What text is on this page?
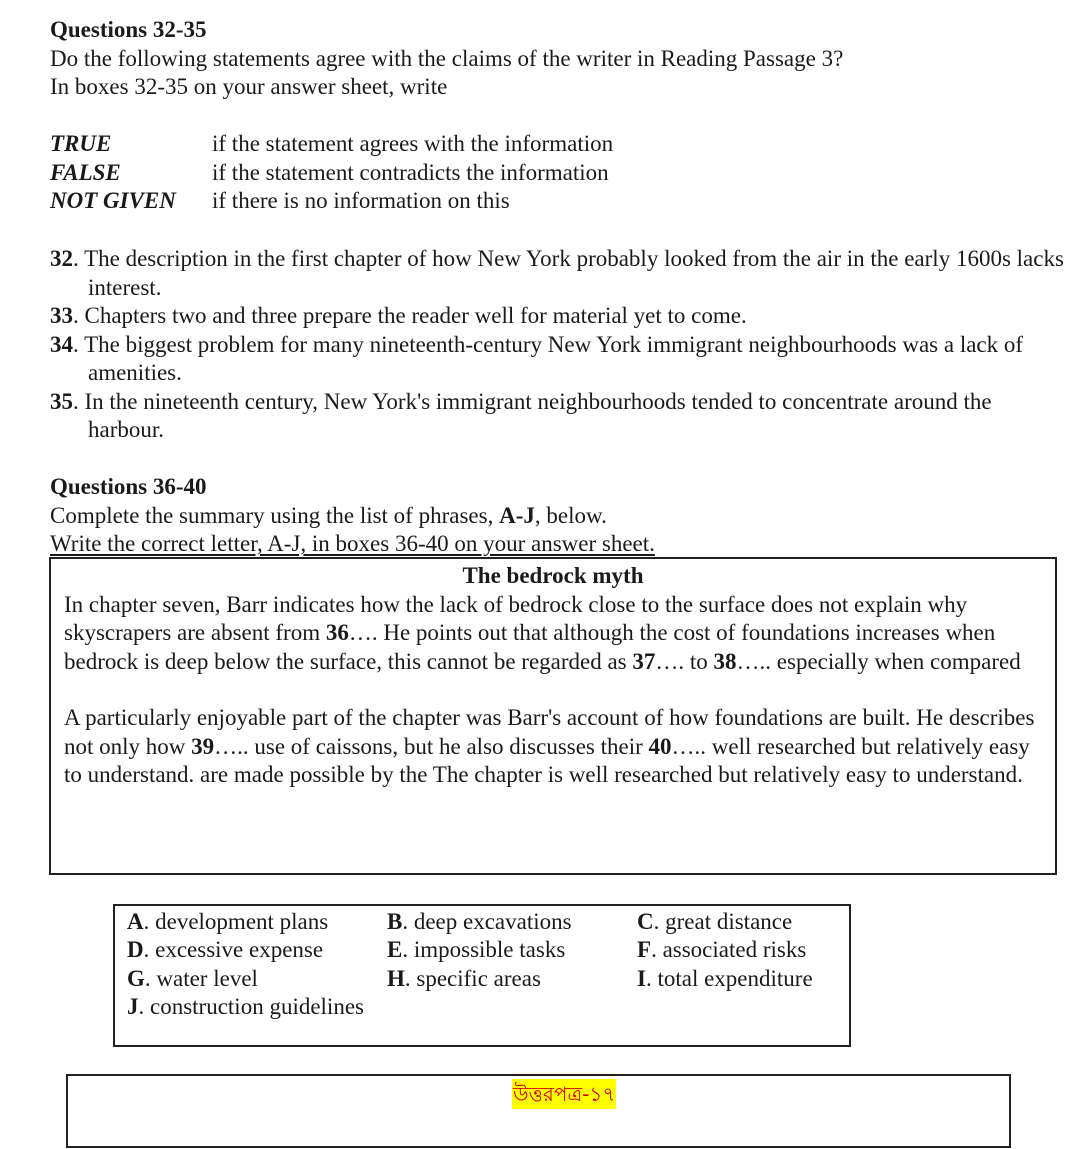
Questions 32-35
Do the following statements agree with the claims of the writer in Reading Passage 3?
In boxes 32-35 on your answer sheet, write
TRUE	if the statement agrees with the information
FALSE	if the statement contradicts the information
NOT GIVEN	if there is no information on this
32. The description in the first chapter of how New York probably looked from the air in the early 1600s lacks interest.
33. Chapters two and three prepare the reader well for material yet to come.
34. The biggest problem for many nineteenth-century New York immigrant neighbourhoods was a lack of amenities.
35. In the nineteenth century, New York's immigrant neighbourhoods tended to concentrate around the harbour.
Questions 36-40
Complete the summary using the list of phrases, A-J, below.
Write the correct letter, A-J, in boxes 36-40 on your answer sheet.
The bedrock myth

In chapter seven, Barr indicates how the lack of bedrock close to the surface does not explain why skyscrapers are absent from 36…. He points out that although the cost of foundations increases when bedrock is deep below the surface, this cannot be regarded as 37…. to 38….. especially when compared

A particularly enjoyable part of the chapter was Barr's account of how foundations are built. He describes not only how 39….. use of caissons, but he also discusses their 40….. well researched but relatively easy to understand. are made possible by the The chapter is well researched but relatively easy to understand.

A. development plans	B. deep excavations	C. great distance
D. excessive expense	E. impossible tasks	F. associated risks
G. water level	H. specific areas	I. total expenditure
J. construction guidelines
উত্তরপত্র-১৭
